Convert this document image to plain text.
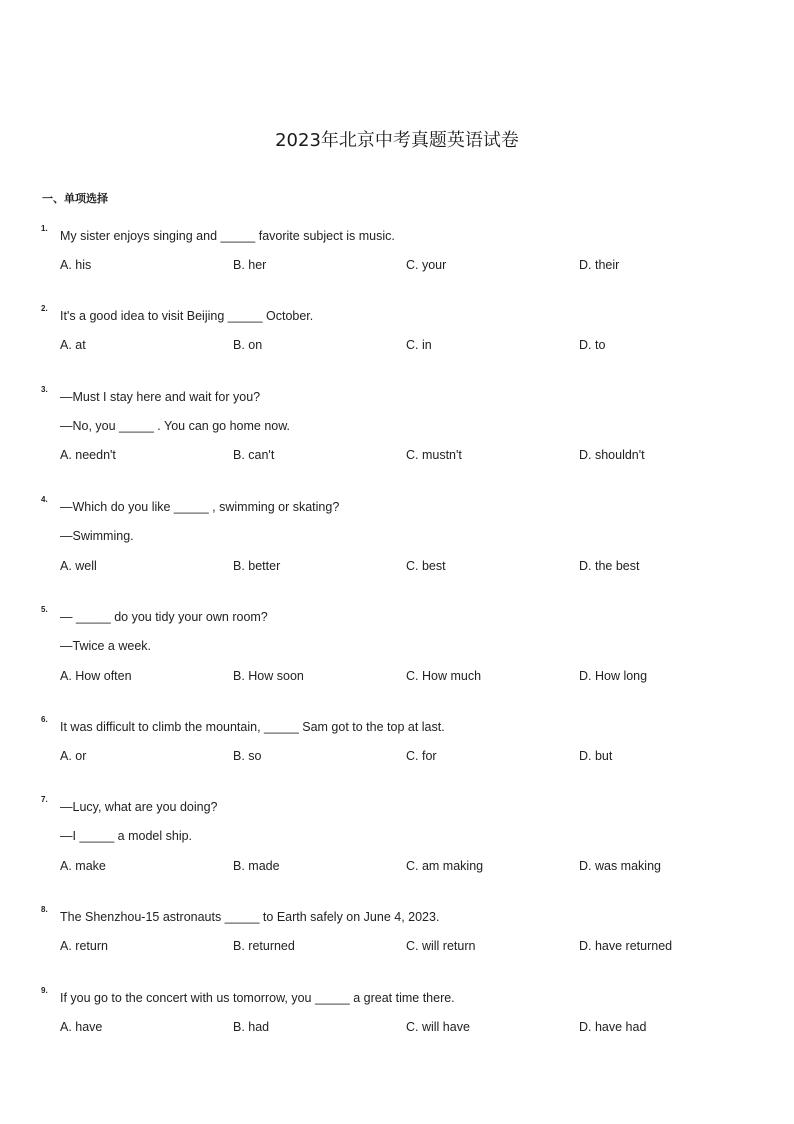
2023年北京中考真题英语试卷
一、单项选择
1.
My sister enjoys singing and _____ favorite subject is music.
A. his	B. her	C. your	D. their
2.
It's a good idea to visit Beijing _____ October.
A. at	B. on	C. in	D. to
3.
—Must I stay here and wait for you?
—No, you _____ . You can go home now.
A. needn't	B. can't	C. mustn't	D. shouldn't
4.
—Which do you like _____ , swimming or skating?
—Swimming.
A. well	B. better	C. best	D. the best
5.
— _____ do you tidy your own room?
—Twice a week.
A. How often	B. How soon	C. How much	D. How long
6.
It was difficult to climb the mountain, _____ Sam got to the top at last.
A. or	B. so	C. for	D. but
7.
—Lucy, what are you doing?
—I _____ a model ship.
A. make	B. made	C. am making	D. was making
8.
The Shenzhou-15 astronauts _____ to Earth safely on June 4, 2023.
A. return	B. returned	C. will return	D. have returned
9.
If you go to the concert with us tomorrow, you _____ a great time there.
A. have	B. had	C. will have	D. have had
